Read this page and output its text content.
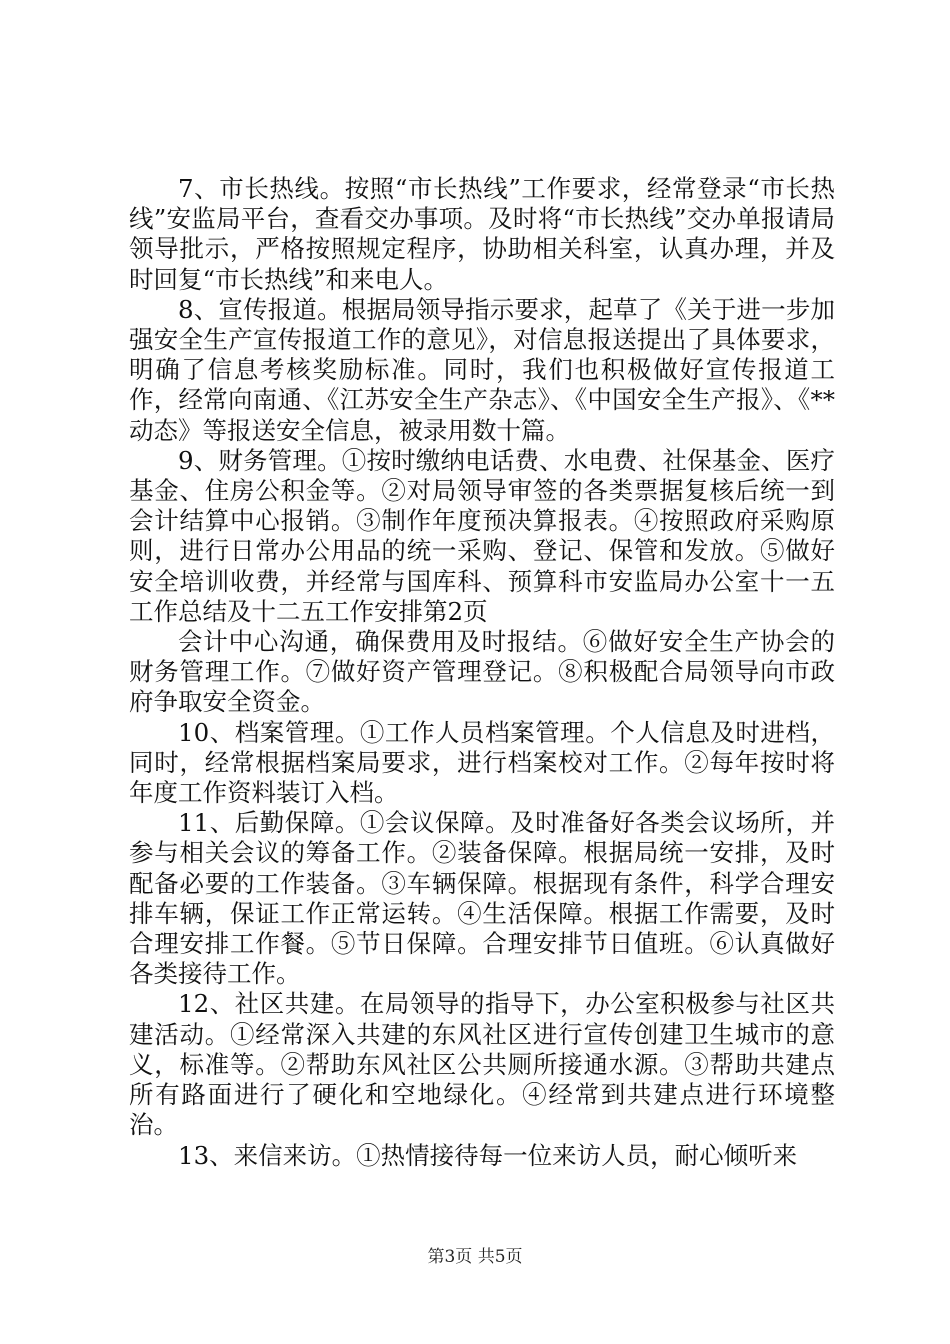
7、市长热线。按照“市长热线”工作要求，经常登录“市长热线”安监局平台，查看交办事项。及时将“市长热线”交办单报请局领导批示，严格按照规定程序，协助相关科室，认真办理，并及时回复“市长热线”和来电人。

8、宣传报道。根据局领导指示要求，起草了《关于进一步加强安全生产宣传报道工作的意见》，对信息报送提出了具体要求，明确了信息考核奖励标准。同时，我们也积极做好宣传报道工作，经常向南通、《江苏安全生产杂志》、《中国安全生产报》、《**动态》等报送安全信息，被录用数十篇。

9、财务管理。①按时缴纳电话费、水电费、社保基金、医疗基金、住房公积金等。②对局领导审签的各类票据复核后统一到会计结算中心报销。③制作年度预决算报表。④按照政府采购原则，进行日常办公用品的统一采购、登记、保管和发放。⑤做好安全培训收费，并经常与国库科、预算科市安监局办公室十一五工作总结及十二五工作安排第2页

会计中心沟通，确保费用及时报结。⑥做好安全生产协会的财务管理工作。⑦做好资产管理登记。⑧积极配合局领导向市政府争取安全资金。

10、档案管理。①工作人员档案管理。个人信息及时进档，同时，经常根据档案局要求，进行档案校对工作。②每年按时将年度工作资料装订入档。

11、后勤保障。①会议保障。及时准备好各类会议场所，并参与相关会议的筹备工作。②装备保障。根据局统一安排，及时配备必要的工作装备。③车辆保障。根据现有条件，科学合理安排车辆，保证工作正常运转。④生活保障。根据工作需要，及时合理安排工作餐。⑤节日保障。合理安排节日值班。⑥认真做好各类接待工作。

12、社区共建。在局领导的指导下，办公室积极参与社区共建活动。①经常深入共建的东风社区进行宣传创建卫生城市的意义，标准等。②帮助东风社区公共厕所接通水源。③帮助共建点所有路面进行了硬化和空地绿化。④经常到共建点进行环境整治。

13、来信来访。①热情接待每一位来访人员，耐心倾听来

第3页 共5页
